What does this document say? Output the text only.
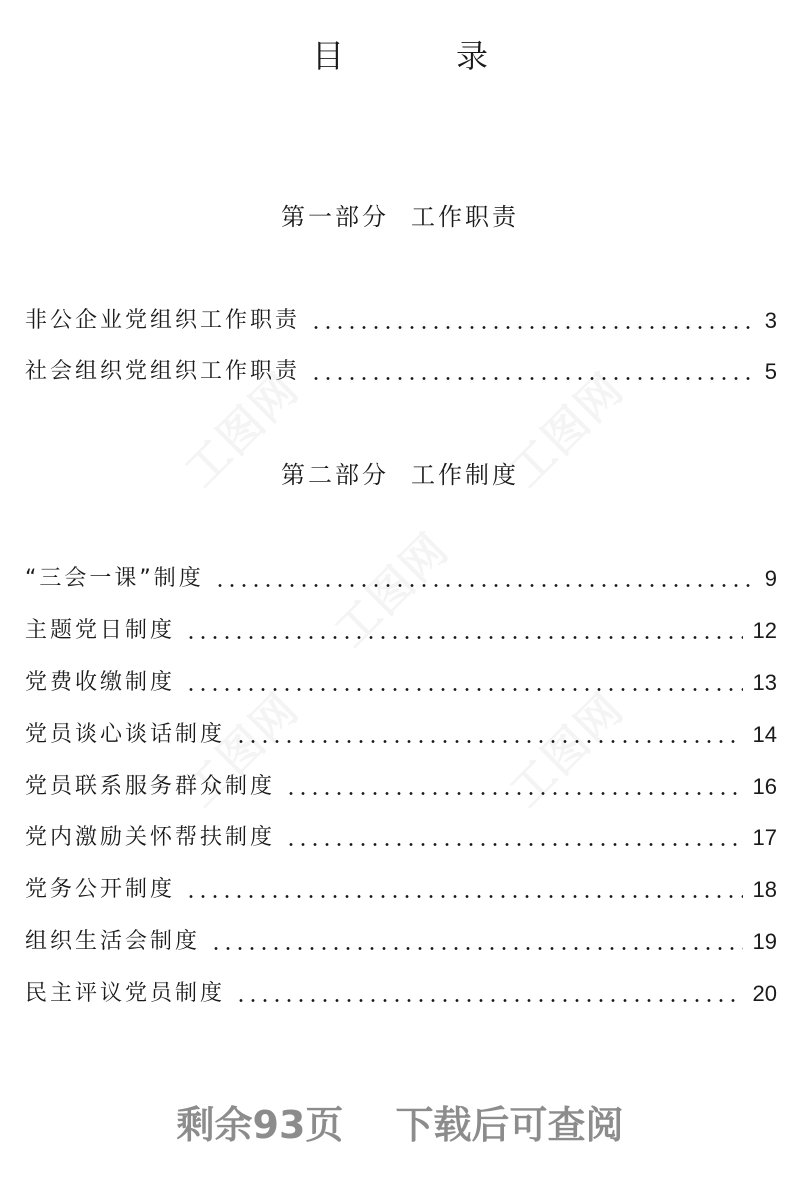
目　录
第一部分 工作职责
非公企业党组织工作职责	3
社会组织党组织工作职责	5
第二部分 工作制度
“三会一课”制度	9
主题党日制度	12
党费收缴制度	13
党员谈心谈话制度	14
党员联系服务群众制度	16
党内激励关怀帮扶制度	17
党务公开制度	18
组织生活会制度	19
民主评议党员制度	20
剩余93页 下载后可查阅
